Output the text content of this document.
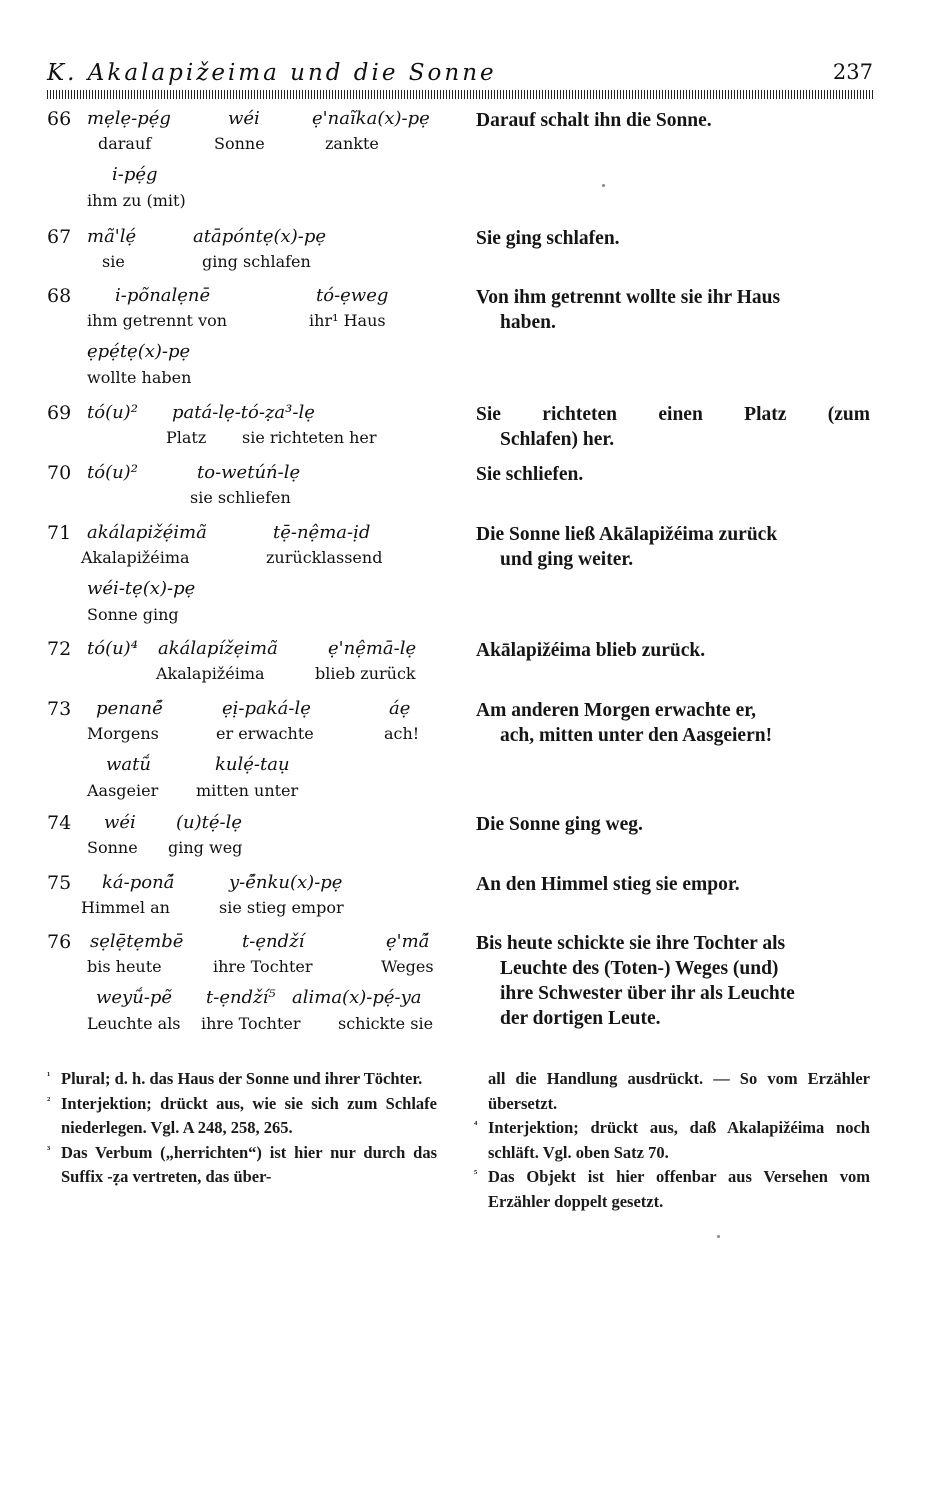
K. Akalapižeima und die Sonne	237
66 mẹlẹ-pẹ́g
darauf
wéi
Sonne
ẹ'naĩka(x)-pẹ
zankte
i-pẹ́g
ihm zu (mit)
Darauf schalt ihn die Sonne.
67 mã'lẹ́
sie
atāpóntẹ(x)-pẹ
ging schlafen
Sie ging schlafen.
68 i-põnalẹnē
ihm getrennt von
tó-ẹweg
ihr¹ Haus
ẹpẹ́tẹ(x)-pẹ
wollte haben
Von ihm getrennt wollte sie ihr Haus
haben.
69 tó(u)² patá-lẹ-tó-ẓa³-lẹ
Platz sie richteten her
Sie richteten einen Platz (zum
Schlafen) her.
70 tó(u)²	to-wetúń-lẹ
sie schliefen
Sie schliefen.
71 akálapižẹ́imã
Akalapižéima
tẹ̄-nệma-ịd
zurücklassend
wéi-tẹ(x)-pẹ
Sonne ging
Die Sonne ließ Akālapižéima zurück
und ging weiter.
72 tó(u)⁴ akálapížẹimã
Akalapižéima
ẹ'nệmā-lẹ
blieb zurück
Akālapižéima blieb zurück.
73 penanẽ́
Morgens
ẹị-paká-lẹ
er erwachte
áẹ
ach!
watṹ
Aasgeier
kulẹ́-taụ
mitten unter
Am anderen Morgen erwachte er,
ach, mitten unter den Aasgeiern!
74 wéi
Sonne
(u)tẹ́-lẹ
ging weg
Die Sonne ging weg.
75 ká-ponã́
Himmel an
y-ẽ́nku(x)-pẹ
sie stieg empor
An den Himmel stieg sie empor.
76 sẹlẹ̄tẹmbē
bis heute
t-ẹndží
ihre Tochter
ẹ'mã́
Weges
weyṹ-pẽ
Leuchte als
t-ẹndží⁵
ihre Tochter
alima(x)-pẹ́-ya
schickte sie
Bis heute schickte sie ihre Tochter als
Leuchte des (Toten-) Weges (und)
ihre Schwester über ihr als Leuchte
der dortigen Leute.
¹ Plural; d. h. das Haus der Sonne und ihrer Töchter.
² Interjektion; drückt aus, wie sie sich zum Schlafe niederlegen. Vgl. A 248, 258, 265.
³ Das Verbum („herrichten“) ist hier nur durch das Suffix -ẓa vertreten, das über-
all die Handlung ausdrückt. — So vom Erzähler übersetzt.
⁴ Interjektion; drückt aus, daß Akalapižéima noch schläft. Vgl. oben Satz 70.
⁵ Das Objekt ist hier offenbar aus Versehen vom Erzähler doppelt gesetzt.
